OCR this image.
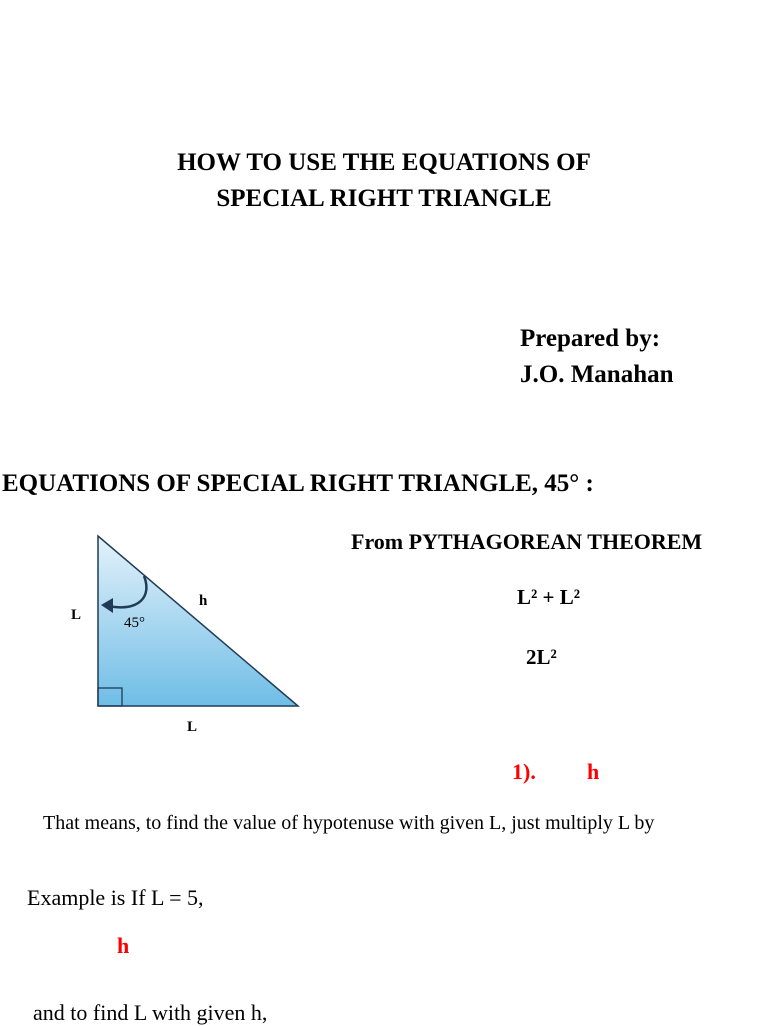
HOW TO USE THE EQUATIONS OF
SPECIAL RIGHT TRIANGLE
Prepared by:
J.O. Manahan
EQUATIONS OF SPECIAL RIGHT TRIANGLE, 45° :
L
h
45°
L
From PYTHAGOREAN THEOREM
L² + L²
2L²
1). h
That means, to find the value of hypotenuse with given L, just multiply L by
Example is If L = 5,
h
and to find L with given h,
